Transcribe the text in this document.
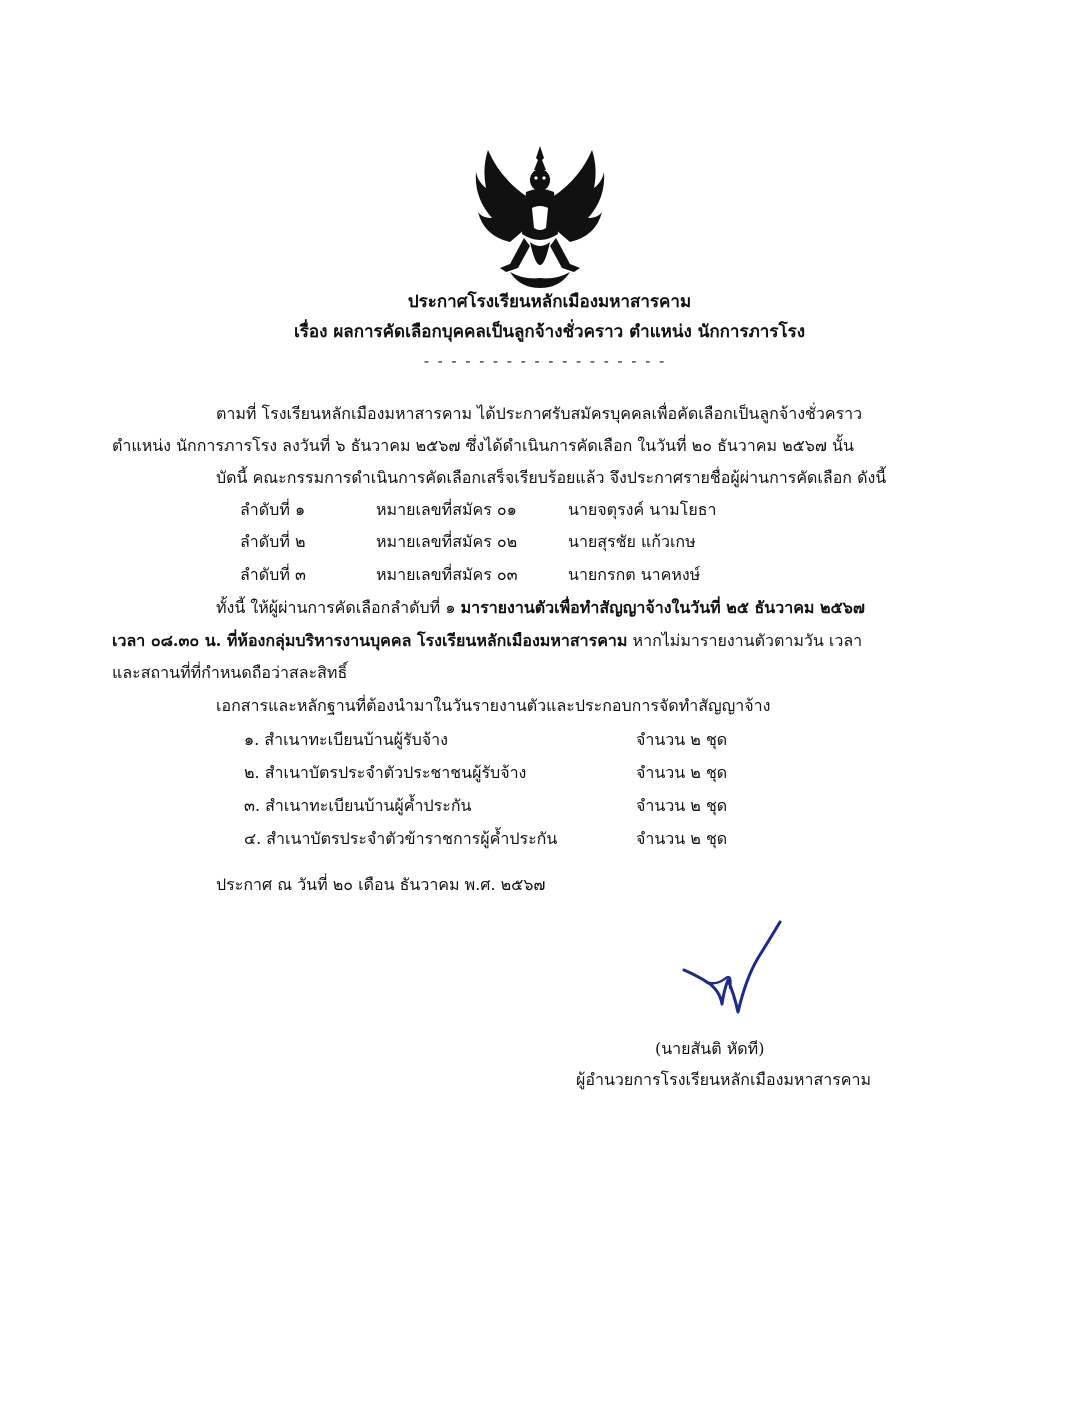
ประกาศโรงเรียนหลักเมืองมหาสารคาม
เรื่อง ผลการคัดเลือกบุคคลเป็นลูกจ้างชั่วคราว ตำแหน่ง นักการภารโรง
- - - - - - - - - - - - - - - - - -
ตามที่ โรงเรียนหลักเมืองมหาสารคาม ได้ประกาศรับสมัครบุคคลเพื่อคัดเลือกเป็นลูกจ้างชั่วคราว
ตำแหน่ง นักการภารโรง ลงวันที่ ๖ ธันวาคม ๒๕๖๗ ซึ่งได้ดำเนินการคัดเลือก ในวันที่ ๒๐ ธันวาคม ๒๕๖๗ นั้น
บัดนี้ คณะกรรมการดำเนินการคัดเลือกเสร็จเรียบร้อยแล้ว จึงประกาศรายชื่อผู้ผ่านการคัดเลือก ดังนี้
ลำดับที่ ๑	หมายเลขที่สมัคร ๐๑	นายจตุรงค์ นามโยธา
ลำดับที่ ๒	หมายเลขที่สมัคร ๐๒	นายสุรชัย แก้วเกษ
ลำดับที่ ๓	หมายเลขที่สมัคร ๐๓	นายกรกต นาคหงษ์
ทั้งนี้ ให้ผู้ผ่านการคัดเลือกลำดับที่ ๑ มารายงานตัวเพื่อทำสัญญาจ้างในวันที่ ๒๕ ธันวาคม ๒๕๖๗
เวลา ๐๘.๓๐ น. ที่ห้องกลุ่มบริหารงานบุคคล โรงเรียนหลักเมืองมหาสารคาม หากไม่มารายงานตัวตามวัน เวลา
และสถานที่ที่กำหนดถือว่าสละสิทธิ์
เอกสารและหลักฐานที่ต้องนำมาในวันรายงานตัวและประกอบการจัดทำสัญญาจ้าง
๑. สำเนาทะเบียนบ้านผู้รับจ้าง	จำนวน ๒ ชุด
๒. สำเนาบัตรประจำตัวประชาชนผู้รับจ้าง	จำนวน ๒ ชุด
๓. สำเนาทะเบียนบ้านผู้ค้ำประกัน	จำนวน ๒ ชุด
๔. สำเนาบัตรประจำตัวข้าราชการผู้ค้ำประกัน	จำนวน ๒ ชุด
ประกาศ ณ วันที่ ๒๐ เดือน ธันวาคม พ.ศ. ๒๕๖๗
(นายสันติ หัดที)
ผู้อำนวยการโรงเรียนหลักเมืองมหาสารคาม
